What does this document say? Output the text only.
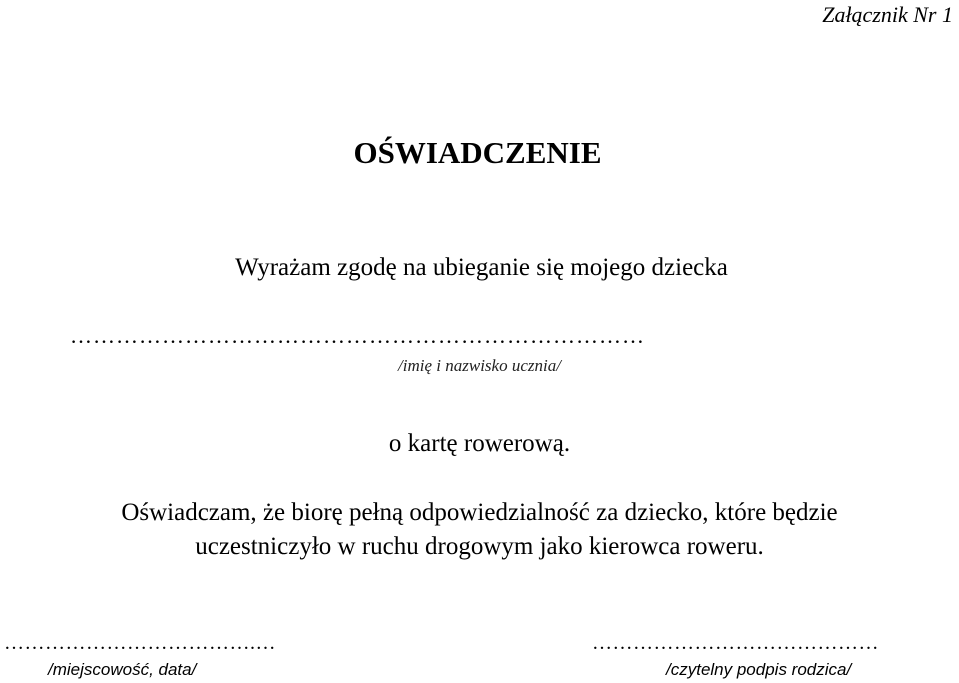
Załącznik Nr 1
OŚWIADCZENIE
Wyrażam zgodę na ubieganie się mojego dziecka
…………………………………………………………………
/imię i nazwisko ucznia/
o kartę rowerową.
Oświadczam, że biorę pełną odpowiedzialność za dziecko, które będzie
uczestniczyło w ruchu drogowym jako kierowca roweru.
……………………………….…	……………………………………
/miejscowość, data/	/czytelny podpis rodzica/
